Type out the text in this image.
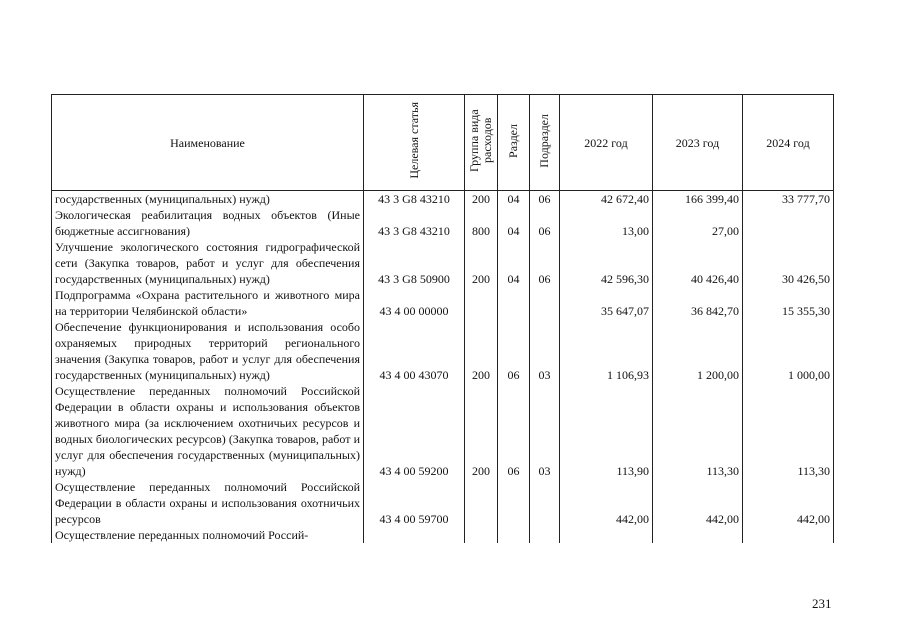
Наименование	Целевая статья	Группа вида расходов	Раздел	Подраздел	2022 год	2023 год	2024 год
государственных (муниципальных) нужд)	43 3 G8 43210	200	04	06	42 672,40	166 399,40	33 777,70
Экологическая реабилитация водных объектов (Иные бюджетные ассигнования)	43 3 G8 43210	800	04	06	13,00	27,00	
Улучшение экологического состояния гидрографической сети (Закупка товаров, работ и услуг для обеспечения государственных (муниципальных) нужд)	43 3 G8 50900	200	04	06	42 596,30	40 426,40	30 426,50
Подпрограмма «Охрана растительного и животного мира на территории Челябинской области»	43 4 00 00000				35 647,07	36 842,70	15 355,30
Обеспечение функционирования и использования особо охраняемых природных территорий регионального значения (Закупка товаров, работ и услуг для обеспечения государственных (муниципальных) нужд)	43 4 00 43070	200	06	03	1 106,93	1 200,00	1 000,00
Осуществление переданных полномочий Российской Федерации в области охраны и использования объектов животного мира (за исключением охотничьих ресурсов и водных биологических ресурсов) (Закупка товаров, работ и услуг для обеспечения государственных (муниципальных) нужд)	43 4 00 59200	200	06	03	113,90	113,30	113,30
Осуществление переданных полномочий Российской Федерации в области охраны и использования охотничьих ресурсов	43 4 00 59700				442,00	442,00	442,00
Осуществление переданных полномочий Россий-							
231
